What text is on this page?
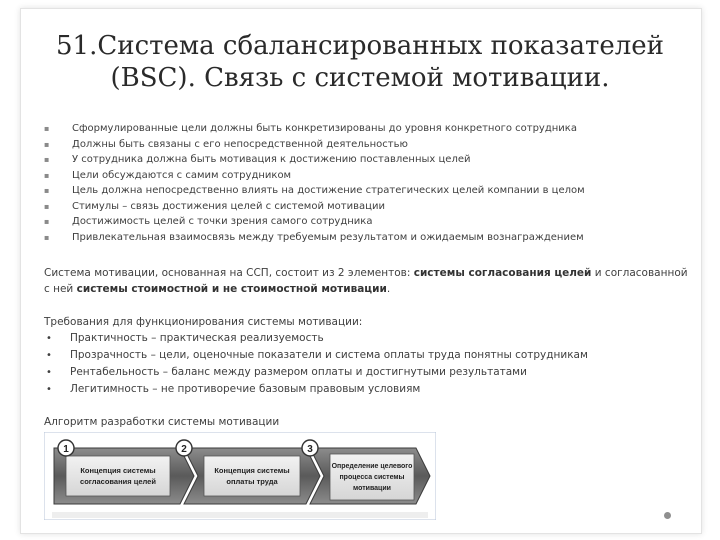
51.Система сбалансированных показателей
(BSC). Связь с системой мотивации.
▪ Сформулированные цели должны быть конкретизированы до уровня конкретного сотрудника
▪ Должны быть связаны с его непосредственной деятельностью
▪ У сотрудника должна быть мотивация к достижению поставленных целей
▪ Цели обсуждаются с самим сотрудником
▪ Цель должна непосредственно влиять на достижение стратегических целей компании в целом
▪ Стимулы – связь достижения целей с системой мотивации
▪ Достижимость целей с точки зрения самого сотрудника
▪ Привлекательная взаимосвязь между требуемым результатом и ожидаемым вознаграждением

Система мотивации, основанная на ССП, состоит из 2 элементов: системы согласования целей и согласованной с ней системы стоимостной и не стоимостной мотивации.

Требования для функционирования системы мотивации:

• Практичность – практическая реализуемость
• Прозрачность – цели, оценочные показатели и система оплаты труда понятны сотрудникам
• Рентабельность – баланс между размером оплаты и достигнутыми результатами
• Легитимность – не противоречие базовым правовым условиям

Алгоритм разработки системы мотивации

1
Концепция системы
согласования целей
2
Концепция системы
оплаты труда
3
Определение целевого
процесса системы
мотивации
